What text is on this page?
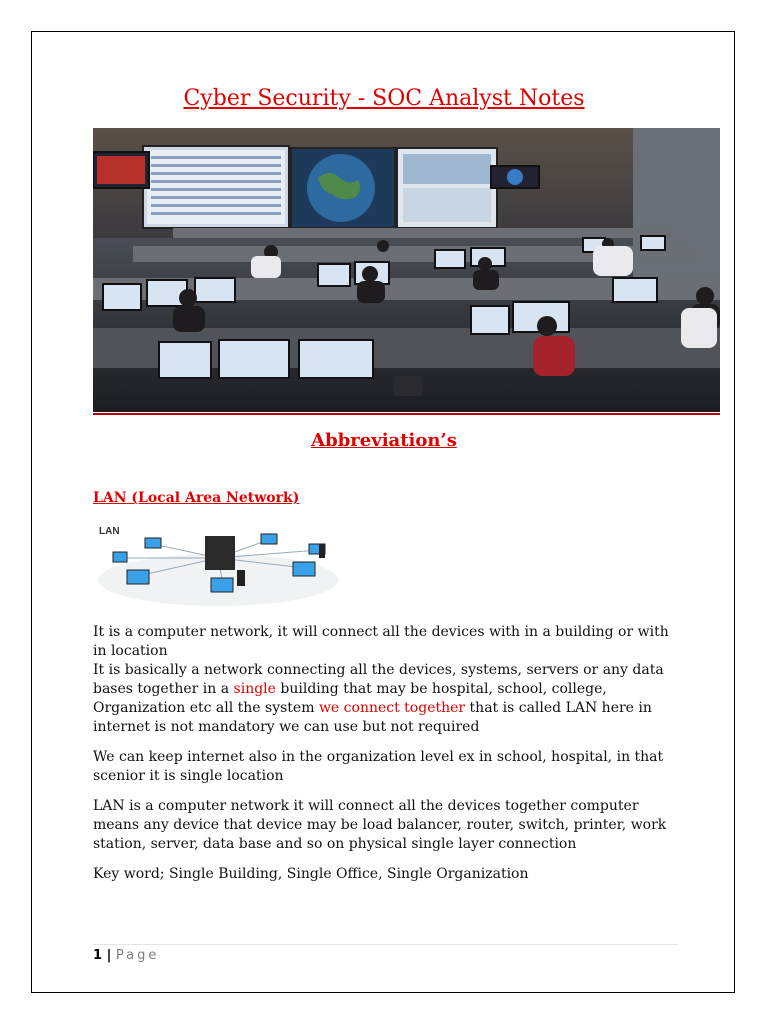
Cyber Security - SOC Analyst Notes
Abbreviation’s
LAN (Local Area Network)
LAN
It is a computer network, it will connect all the devices with in a building or with in location
It is basically a network connecting all the devices, systems, servers or any data bases together in a single building that may be hospital, school, college, Organization etc all the system we connect together that is called LAN here in internet is not mandatory we can use but not required
We can keep internet also in the organization level ex in school, hospital, in that scenior it is single location
LAN is a computer network it will connect all the devices together computer means any device that device may be load balancer, router, switch, printer, work station, server, data base and so on physical single layer connection
Key word; Single Building, Single Office, Single Organization
1 | Page
